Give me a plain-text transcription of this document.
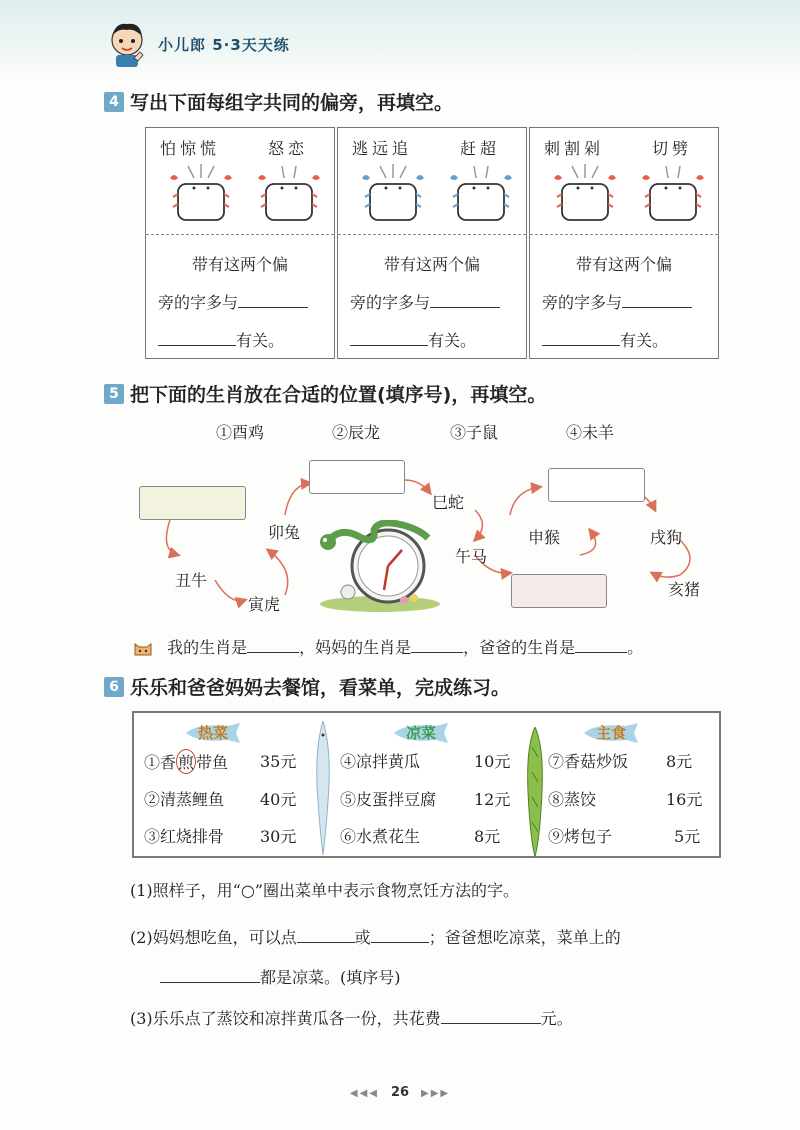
小儿郎 5·3天天练
4 写出下面每组字共同的偏旁，再填空。
怕惊慌	怒恋
带有这两个偏
旁的字多与
有关。
逃远追	赶超
带有这两个偏
旁的字多与
有关。
刺割剁	切劈
带有这两个偏
旁的字多与
有关。
5 把下面的生肖放在合适的位置(填序号)，再填空。
①酉鸡	②辰龙	③子鼠	④未羊
丑牛
寅虎
卯兔
巳蛇
午马
申猴	戌狗
亥猪
我的生肖是	，妈妈的生肖是	，爸爸的生肖是	。
6 乐乐和爸爸妈妈去餐馆，看菜单，完成练习。
热菜	凉菜	主食
①香 煎 带鱼 35元
②清蒸鲤鱼 40元
③红烧排骨 30元
④凉拌黄瓜	10元
⑤皮蛋拌豆腐 12元
⑥水煮花生	8元
⑦香菇炒饭 8元
⑧蒸饺	16元
⑨烤包子	5元
(1)照样子，用“○”圈出菜单中表示食物烹饪方法的字。
(2)妈妈想吃鱼，可以点	或	；爸爸想吃凉菜，菜单上的
都是凉菜。(填序号)
(3)乐乐点了蒸饺和凉拌黄瓜各一份，共花费	元。
◀◀◀ 26 ▶▶▶
